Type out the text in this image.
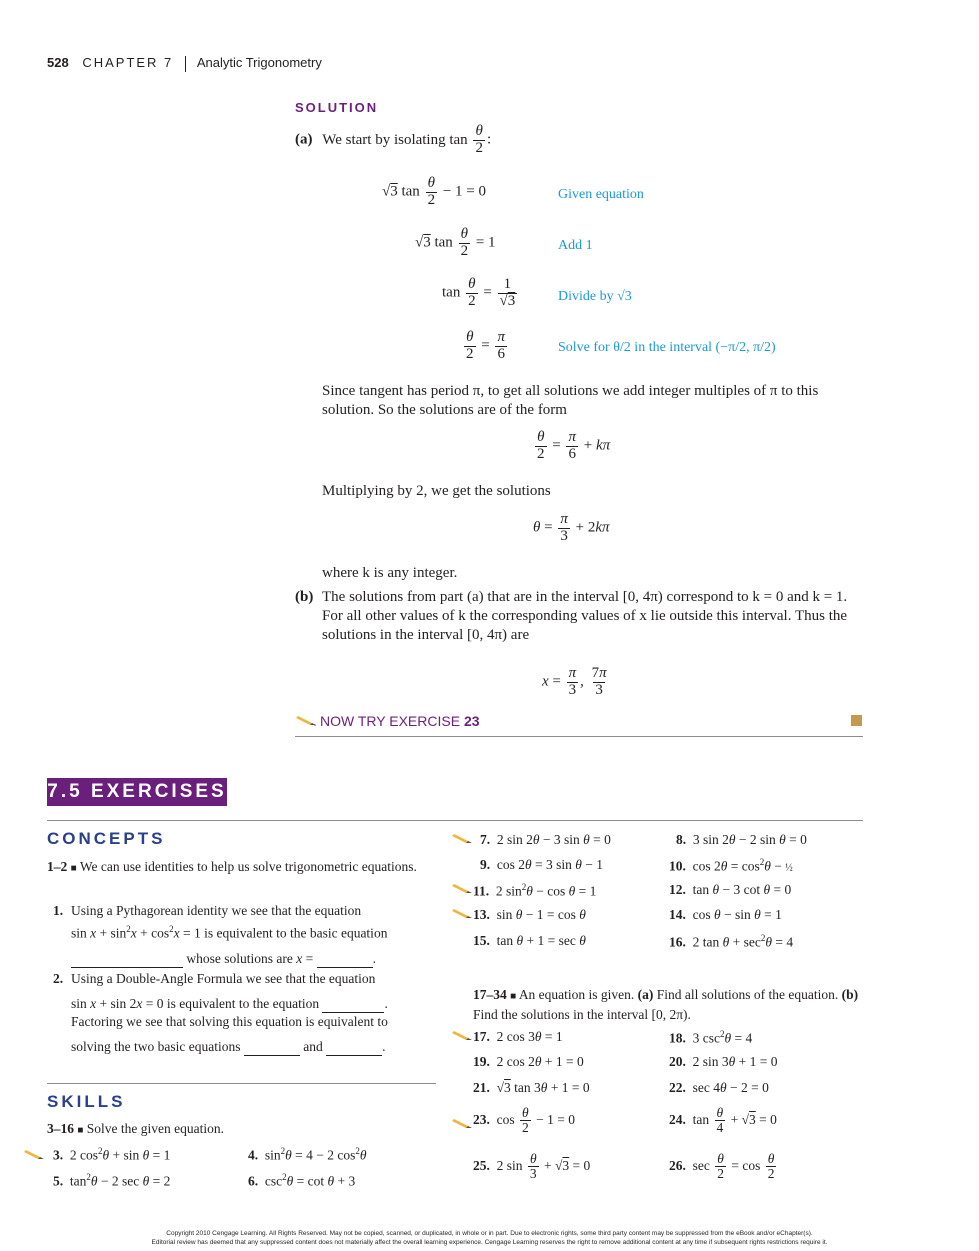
528 CHAPTER 7 Analytic Trigonometry
SOLUTION
(a) We start by isolating $\tan \frac{\theta}{2}$ :
√3 $\tan \frac{\theta}{2} - 1 = 0$	Given equation
√3 $\tan \frac{\theta}{2} = 1$	Add 1
$\tan \frac{\theta}{2} = \frac{1}{√3}$	Divide by √3
$\frac{\theta}{2} = \frac{\pi}{6}$	Solve for θ/2 in the interval (−π/2, π/2)
Since tangent has period π, to get all solutions we add integer multiples of π to this solution. So the solutions are of the form
$\frac{\theta}{2} = \frac{\pi}{6} + k\pi$
Multiplying by 2, we get the solutions
$\theta = \frac{\pi}{3} + 2k\pi$
where k is any integer.
(b) The solutions from part (a) that are in the interval [0, 4π) correspond to k = 0 and k = 1. For all other values of k the corresponding values of x lie outside this interval. Thus the solutions in the interval [0, 4π) are
$x = \frac{\pi}{3}$ , $\frac{7\pi}{3}$
NOW TRY EXERCISE 23
7.5 EXERCISES
CONCEPTS
1–2 ■ We can use identities to help us solve trigonometric equations.
1. Using a Pythagorean identity we see that the equation
$\sin x + \sin^2x + \cos^2x = 1$ is equivalent to the basic equation
whose solutions are x =	.
2. Using a Double-Angle Formula we see that the equation
sin x + sin 2x = 0 is equivalent to the equation	.
Factoring we see that solving this equation is equivalent to
solving the two basic equations	and	.
SKILLS
3–16 ■ Solve the given equation.
3.  2 $\cos^2\theta + \sin \theta = 1$	4.  $\sin^2\theta = 4 - 2$ $\cos^2\theta$
5.  $\tan^2\theta - 2$ sec θ = 2	6.  $\csc^2\theta = \cot \theta + 3$
7.  2 sin 2θ − 3 sin θ = 0	8.  3 sin 2θ − 2 sin θ = 0
9.  cos 2θ = 3 sin θ − 1	10.  $\cos 2\theta = \cos^2\theta$ − ½
11.  2 $\sin^2\theta - \cos \theta = 1$	12.  tan θ − 3 cot θ = 0
13.  sin θ − 1 = cos θ	14.  cos θ − sin θ = 1
15.  tan θ + 1 = sec θ	16.  2 $\tan \theta + \sec^2\theta = 4$
17–34 ■ An equation is given. (a) Find all solutions of the equation. (b) Find the solutions in the interval [0, 2π).
17.  2 cos 3θ = 1	18.  3 $\csc^2\theta = 4$
19.  2 cos 2θ + 1 = 0	20.  2 sin 3θ + 1 = 0
21.  √3 tan 3θ + 1 = 0	22.  sec 4θ − 2 = 0
23.  $\cos \frac{\theta}{2} - 1 = 0$	24.  $\tan \frac{\theta}{4} + √3 = 0$
25.  2 $\sin \frac{\theta}{3} + √3 = 0$	26.  $\sec \frac{\theta}{2} = \cos \frac{\theta}{2}$
Copyright 2010 Cengage Learning. All Rights Reserved. May not be copied, scanned, or duplicated, in whole or in part. Due to electronic rights, some third party content may be suppressed from the eBook and/or eChapter(s).
Editorial review has deemed that any suppressed content does not materially affect the overall learning experience. Cengage Learning reserves the right to remove additional content at any time if subsequent rights restrictions require it.
